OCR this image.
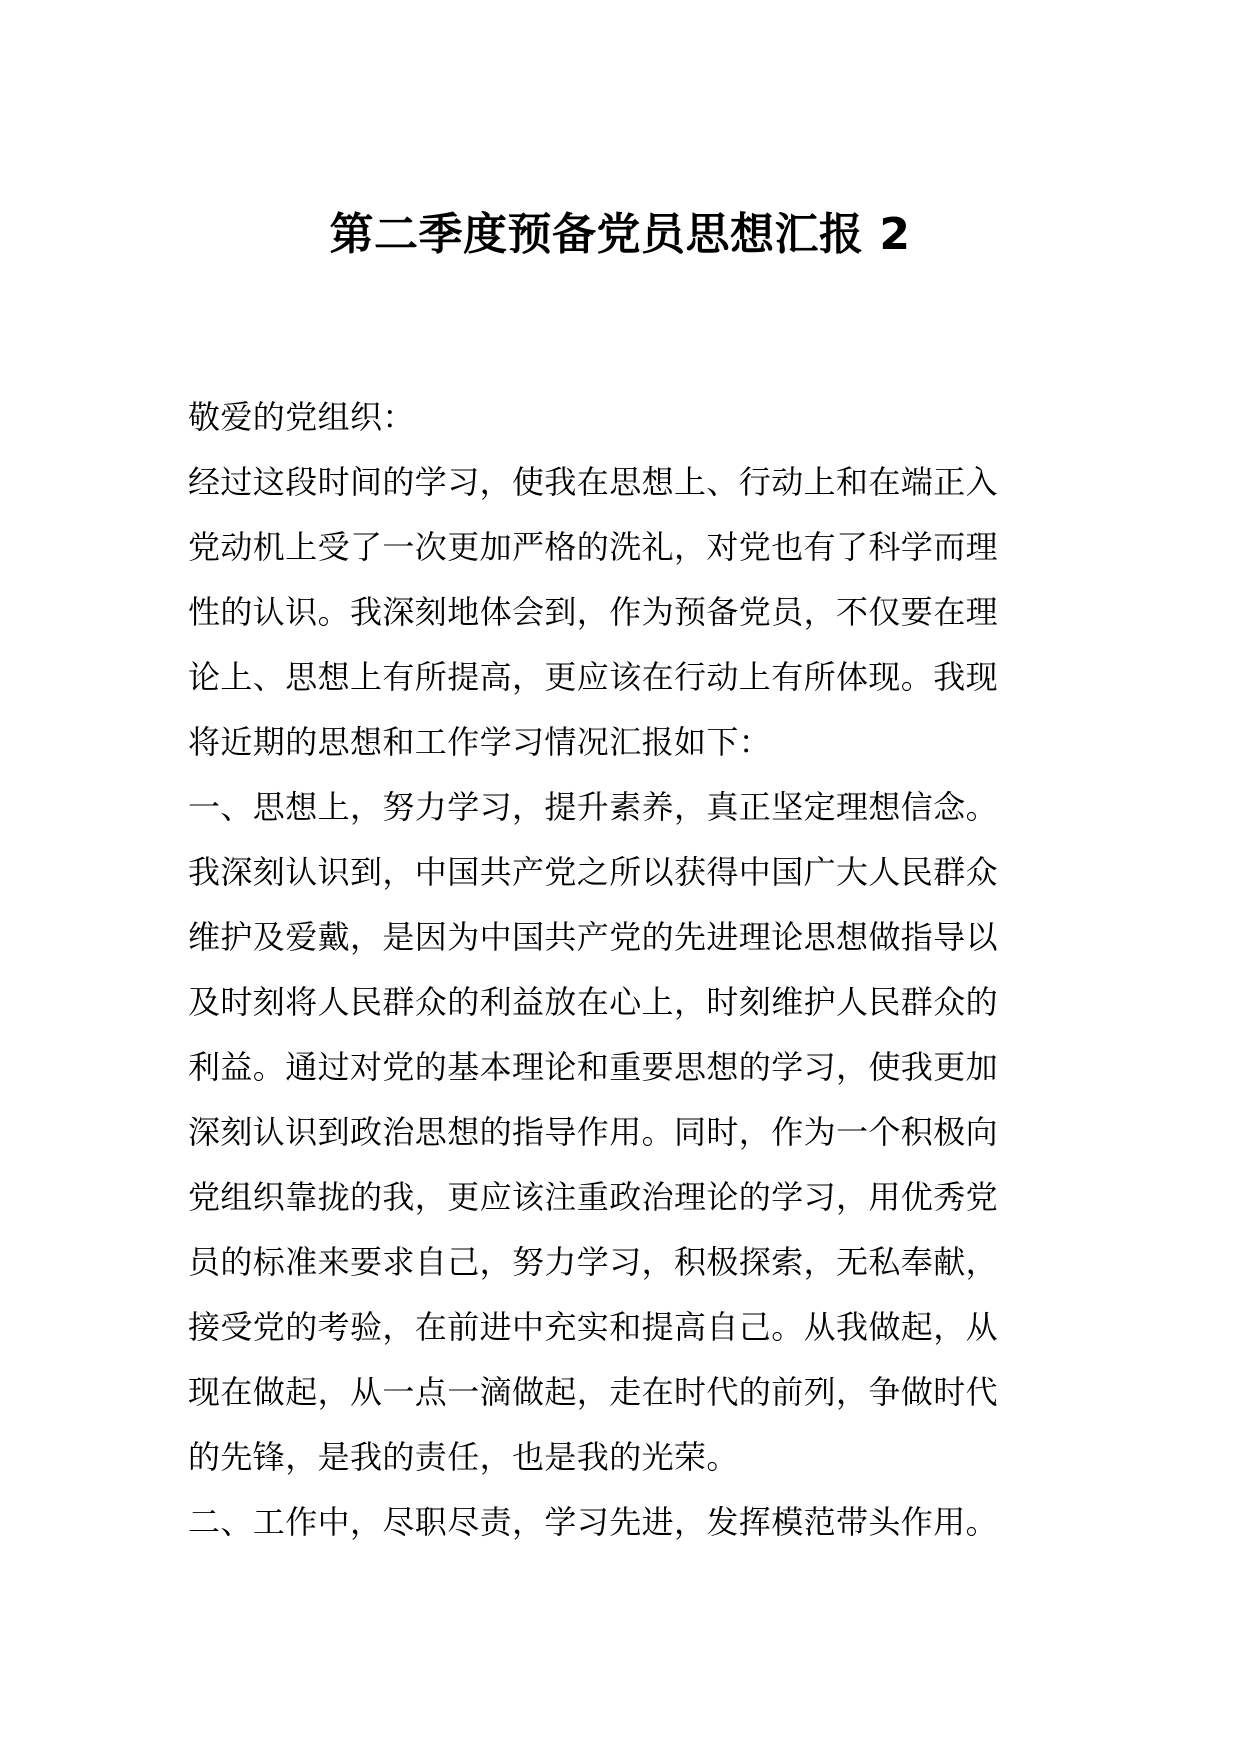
第二季度预备党员思想汇报 2
敬爱的党组织：
经过这段时间的学习，使我在思想上、行动上和在端正入
党动机上受了一次更加严格的洗礼，对党也有了科学而理
性的认识。我深刻地体会到，作为预备党员，不仅要在理
论上、思想上有所提高，更应该在行动上有所体现。我现
将近期的思想和工作学习情况汇报如下：
一、思想上，努力学习，提升素养，真正坚定理想信念。
我深刻认识到，中国共产党之所以获得中国广大人民群众
维护及爱戴，是因为中国共产党的先进理论思想做指导以
及时刻将人民群众的利益放在心上，时刻维护人民群众的
利益。通过对党的基本理论和重要思想的学习，使我更加
深刻认识到政治思想的指导作用。同时，作为一个积极向
党组织靠拢的我，更应该注重政治理论的学习，用优秀党
员的标准来要求自己，努力学习，积极探索，无私奉献，
接受党的考验，在前进中充实和提高自己。从我做起，从
现在做起，从一点一滴做起，走在时代的前列，争做时代
的先锋，是我的责任，也是我的光荣。
二、工作中，尽职尽责，学习先进，发挥模范带头作用。
